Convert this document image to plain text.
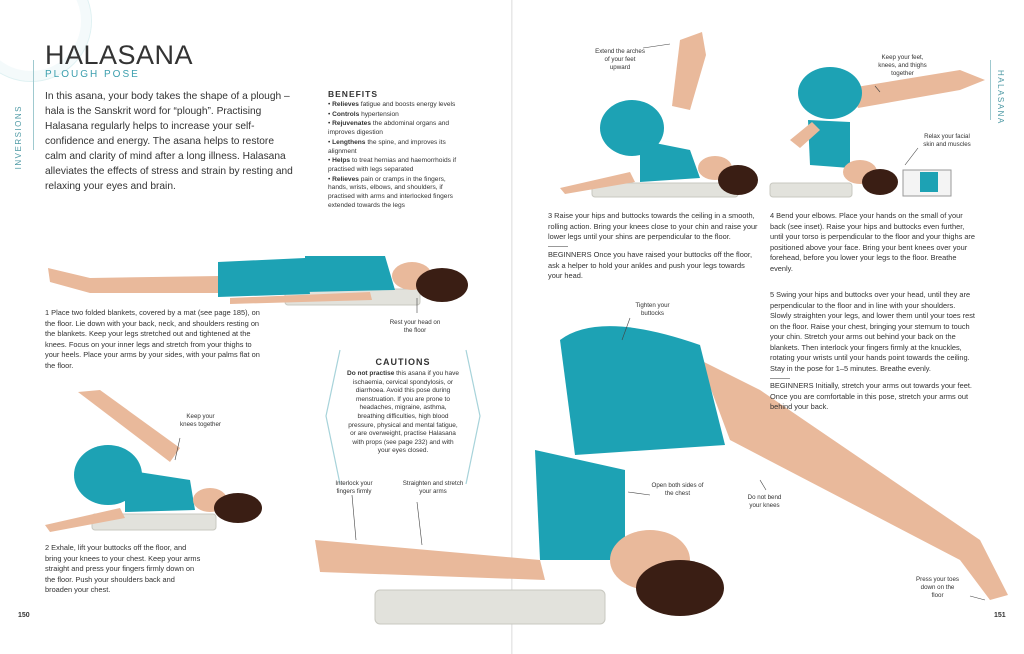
INVERSIONS
HALASANA
HALASANA
PLOUGH POSE
In this asana, your body takes the shape of a plough – hala is the Sanskrit word for “plough”. Practising Halasana regularly helps to increase your self-confidence and energy. The asana helps to restore calm and clarity of mind after a long illness. Halasana alleviates the effects of stress and strain by resting and relaxing your eyes and brain.
BENEFITS
• Relieves fatigue and boosts energy levels
• Controls hypertension
• Rejuvenates the abdominal organs and improves digestion
• Lengthens the spine, and improves its alignment
• Helps to treat hernias and haemorrhoids if practised with legs separated
• Relieves pain or cramps in the fingers, hands, wrists, elbows, and shoulders, if practised with arms and interlocked fingers extended towards the legs
1 Place two folded blankets, covered by a mat (see page 185), on the floor. Lie down with your back, neck, and shoulders resting on the blankets. Keep your legs stretched out and tightened at the knees. Focus on your inner legs and stretch from your thighs to your heels. Place your arms by your sides, with your palms flat on the floor.
2 Exhale, lift your buttocks off the floor, and bring your knees to your chest. Keep your arms straight and press your fingers firmly down on the floor. Push your shoulders back and broaden your chest.
3 Raise your hips and buttocks towards the ceiling in a smooth, rolling action. Bring your knees close to your chin and raise your lower legs until your shins are perpendicular to the floor.
BEGINNERS Once you have raised your buttocks off the floor, ask a helper to hold your ankles and push your legs towards your head.
4 Bend your elbows. Place your hands on the small of your back (see inset). Raise your hips and buttocks even further, until your torso is perpendicular to the floor and your thighs are positioned above your face. Bring your bent knees over your forehead, before you lower your legs to the floor. Breathe evenly.
5 Swing your hips and buttocks over your head, until they are perpendicular to the floor and in line with your shoulders. Slowly straighten your legs, and lower them until your toes rest on the floor. Raise your chest, bringing your sternum to touch your chin. Stretch your arms out behind your back on the blankets. Then interlock your fingers firmly at the knuckles, rotating your wrists until your hands point towards the ceiling. Stay in the pose for 1–5 minutes. Breathe evenly.
BEGINNERS Initially, stretch your arms out towards your feet. Once you are comfortable in this pose, stretch your arms out behind your back.
CAUTIONS
Do not practise this asana if you have ischaemia, cervical spondylosis, or diarrhoea. Avoid this pose during menstruation. If you are prone to headaches, migraine, asthma, breathing difficulties, high blood pressure, physical and mental fatigue, or are overweight, practise Halasana with props (see page 232) and with your eyes closed.
Rest your head on the floor
Keep your knees together
Extend the arches of your feet upward
Keep your feet, knees, and thighs together
Relax your facial skin and muscles
Tighten your buttocks
Interlock your fingers firmly
Straighten and stretch your arms
Open both sides of the chest
Do not bend your knees
Press your toes down on the floor
150	151
